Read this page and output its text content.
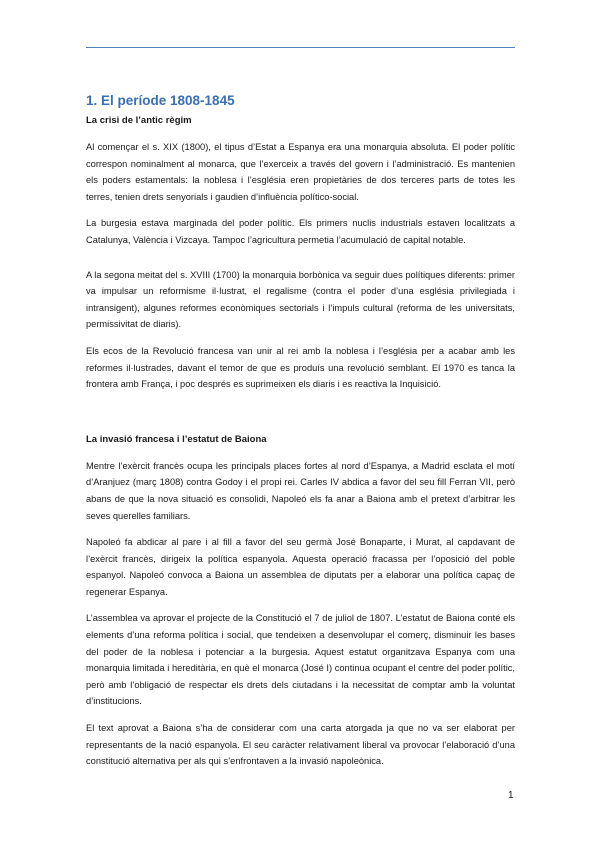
1. El període 1808-1845
La crisi de l’antic règim

Al començar el s. XIX (1800), el tipus d’Estat a Espanya era una monarquia absoluta. El poder polític correspon nominalment al monarca, que l’exerceix a través del govern i l’administració. Es mantenien els poders estamentals: la noblesa i l’església eren propietàries de dos terceres parts de totes les terres, tenien drets senyorials i gaudien d’influència político-social.

La burgesia estava marginada del poder polític. Els primers nuclis industrials estaven localitzats a Catalunya, València i Vizcaya. Tampoc l’agricultura permetia l’acumulació de capital notable.

A la segona meitat del s. XVIII (1700) la monarquia borbònica va seguir dues polítiques diferents: primer va impulsar un reformisme il·lustrat, el regalisme (contra el poder d’una església privilegiada i intransigent), algunes reformes econòmiques sectorials i l’impuls cultural (reforma de les universitats, permissivitat de diaris).

Els ecos de la Revolució francesa van unir al rei amb la noblesa i l’església per a acabar amb les reformes il·lustrades, davant el temor de que es produís una revolució semblant. El 1970 es tanca la frontera amb França, i poc després es suprimeixen els diaris i es reactiva la Inquisició.

La invasió francesa i l’estatut de Baiona

Mentre l’exèrcit francès ocupa les principals places fortes al nord d’Espanya, a Madrid esclata el motí d’Aranjuez (març 1808) contra Godoy i el propi rei. Carles IV abdica a favor del seu fill Ferran VII, però abans de que la nova situació es consolidi, Napoleó els fa anar a Baiona amb el pretext d’arbitrar les seves querelles familiars.

Napoleó fa abdicar al pare i al fill a favor del seu germà José Bonaparte, i Murat, al capdavant de l’exèrcit francès, dirigeix la política espanyola. Aquesta operació fracassa per l’oposició del poble espanyol. Napoleó convoca a Baiona un assemblea de diputats per a elaborar una política capaç de regenerar Espanya.

L’assemblea va aprovar el projecte de la Constitució el 7 de juliol de 1807. L’estatut de Baiona conté els elements d’una reforma política i social, que tendeixen a desenvolupar el comerç, disminuir les bases del poder de la noblesa i potenciar a la burgesia. Aquest estatut organitzava Espanya com una monarquia limitada i hereditària, en què el monarca (José I) continua ocupant el centre del poder polític, però amb l’obligació de respectar els drets dels ciutadans i la necessitat de comptar amb la voluntat d’institucions.

El text aprovat a Baiona s’ha de considerar com una carta atorgada ja que no va ser elaborat per representants de la nació espanyola. El seu caràcter relativament liberal va provocar l’elaboració d’una constitució alternativa per als qui s’enfrontaven a la invasió napoleònica.

1
